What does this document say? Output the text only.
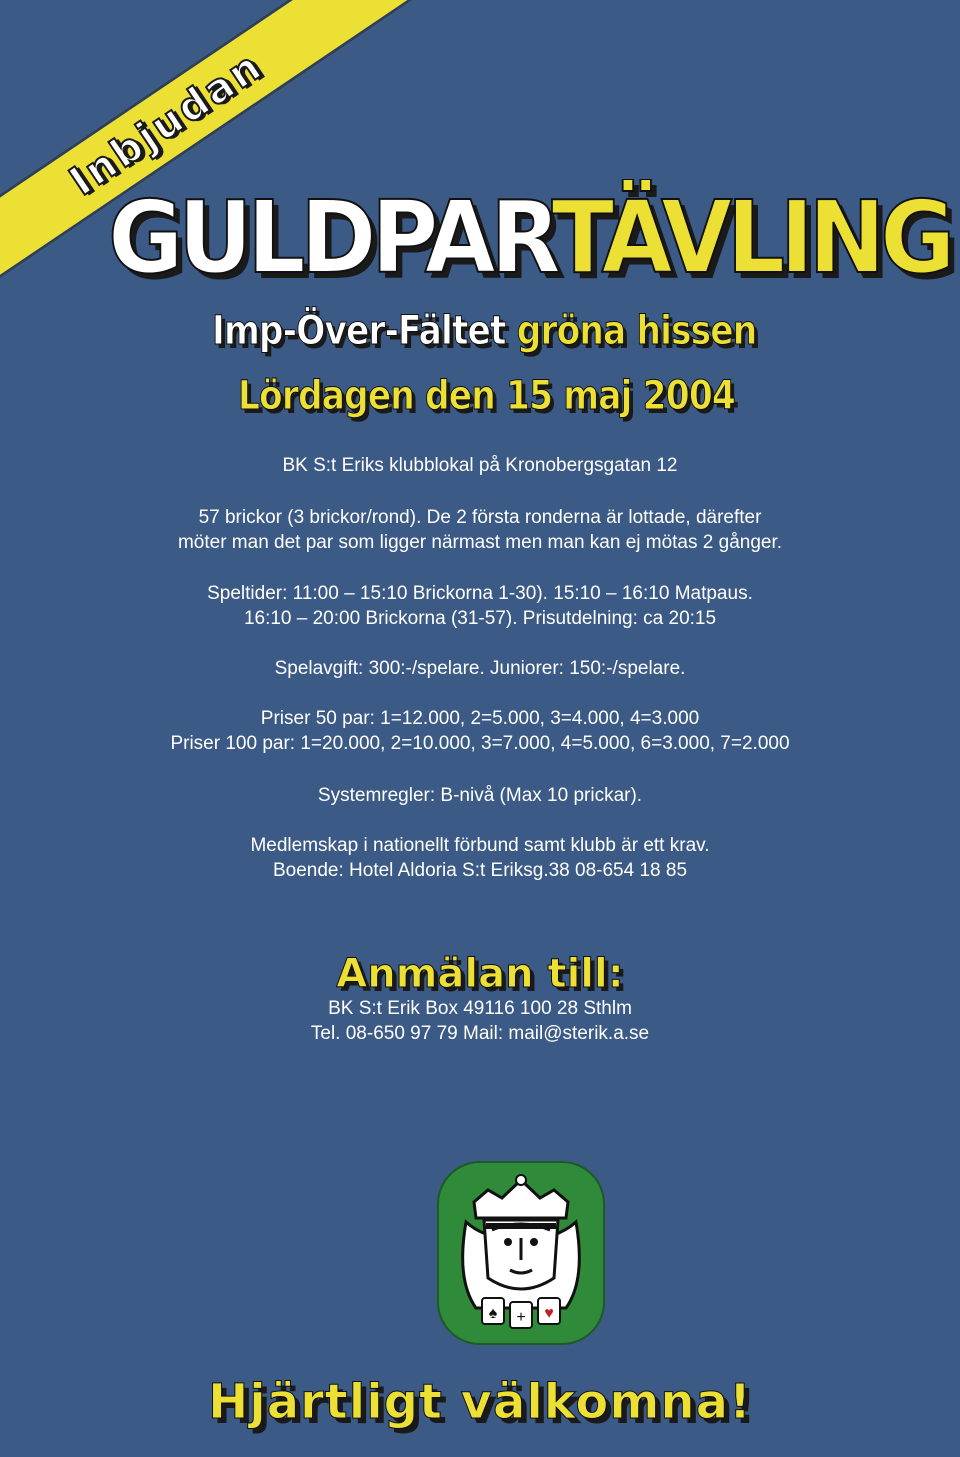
Inbjudan
GULDPARTÄVLING
Imp-Över-Fältet gröna hissen
Lördagen den 15 maj 2004
BK S:t Eriks klubblokal på Kronobergsgatan 12
57 brickor (3 brickor/rond). De 2 första ronderna är lottade, därefter
möter man det par som ligger närmast men man kan ej mötas 2 gånger.
Speltider: 11:00 – 15:10 Brickorna 1-30). 15:10 – 16:10 Matpaus.
16:10 – 20:00 Brickorna (31-57). Prisutdelning: ca 20:15
Spelavgift: 300:-/spelare. Juniorer: 150:-/spelare.
Priser 50 par: 1=12.000, 2=5.000, 3=4.000, 4=3.000
Priser 100 par: 1=20.000, 2=10.000, 3=7.000, 4=5.000, 6=3.000, 7=2.000
Systemregler: B-nivå (Max 10 prickar).
Medlemskap i nationellt förbund samt klubb är ett krav.
Boende: Hotel Aldoria S:t Eriksg.38 08-654 18 85
Anmälan till:
BK S:t Erik Box 49116 100 28 Sthlm
Tel. 08-650 97 79 Mail: mail@sterik.a.se
♠ + ♥
Hjärtligt välkomna!
